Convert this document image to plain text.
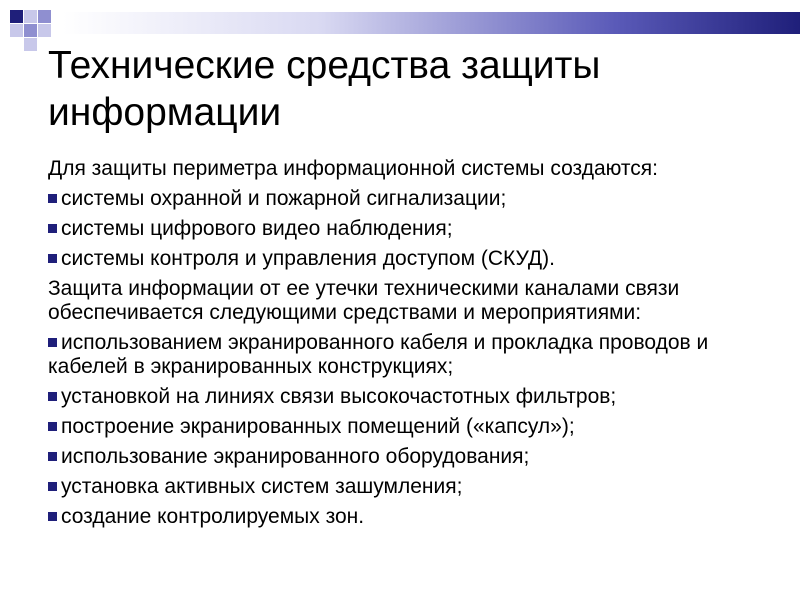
Технические средства защиты информации

Для защиты периметра информационной системы создаются:

системы охранной и пожарной сигнализации;

системы цифрового видео наблюдения;

системы контроля и управления доступом (СКУД).

Защита информации от ее утечки техническими каналами связи обеспечивается следующими средствами и мероприятиями:

использованием экранированного кабеля и прокладка проводов и кабелей в экранированных конструкциях;

установкой на линиях связи высокочастотных фильтров;

построение экранированных помещений («капсул»);

использование экранированного оборудования;

установка активных систем зашумления;

создание контролируемых зон.
